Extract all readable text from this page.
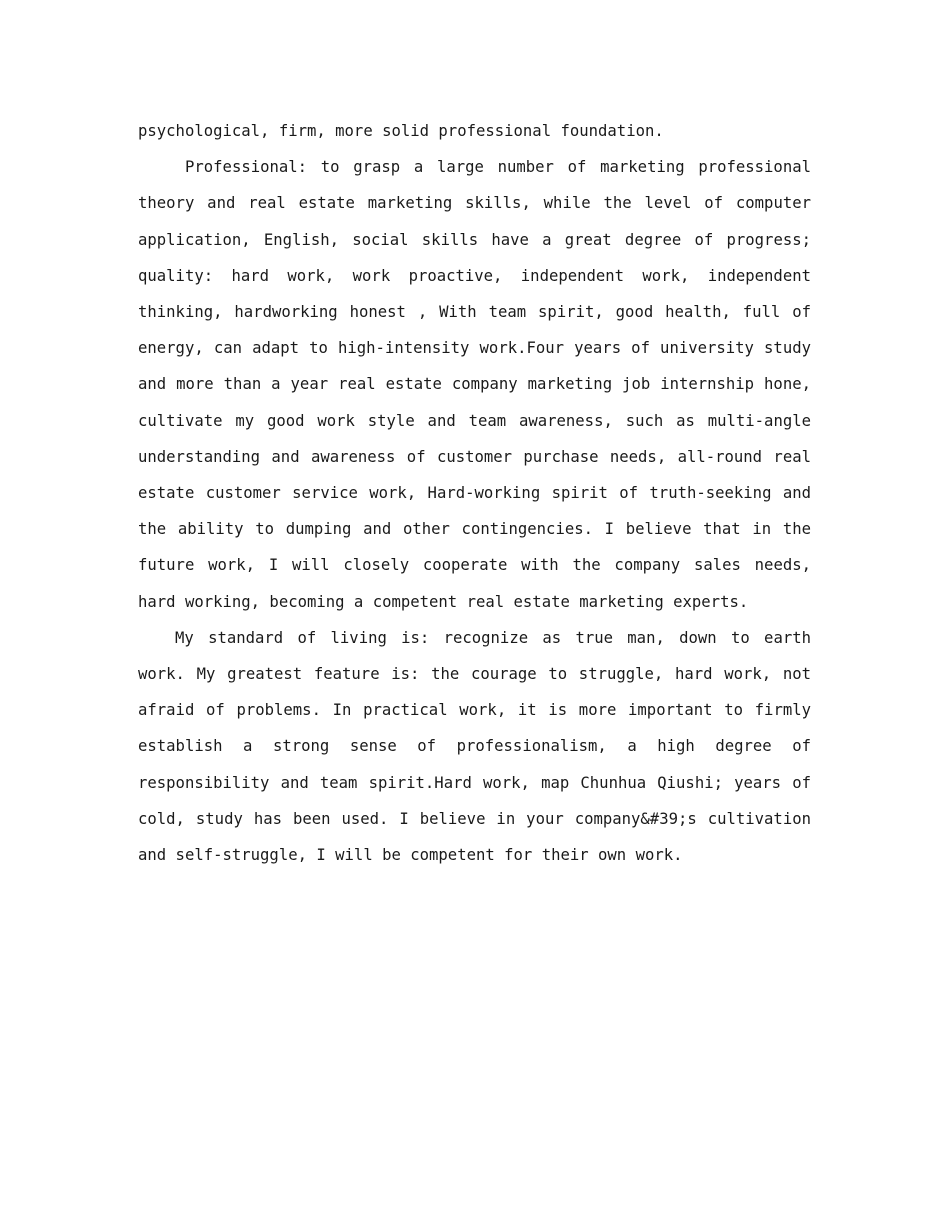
psychological, firm, more solid professional foundation.

Professional: to grasp a large number of marketing professional theory and real estate marketing skills, while the level of computer application, English, social skills have a great degree of progress; quality: hard work, work proactive, independent work, independent thinking, hardworking honest , With team spirit, good health, full of energy, can adapt to high-intensity work.Four years of university study and more than a year real estate company marketing job internship hone, cultivate my good work style and team awareness, such as multi-angle understanding and awareness of customer purchase needs, all-round real estate customer service work, Hard-working spirit of truth-seeking and the ability to dumping and other contingencies. I believe that in the future work, I will closely cooperate with the company sales needs, hard working, becoming a competent real estate marketing experts.

My standard of living is: recognize as true man, down to earth work. My greatest feature is: the courage to struggle, hard work, not afraid of problems. In practical work, it is more important to firmly establish a strong sense of professionalism, a high degree of responsibility and team spirit.Hard work, map Chunhua Qiushi; years of cold, study has been used. I believe in your company&#39;s cultivation and self-struggle, I will be competent for their own work.
